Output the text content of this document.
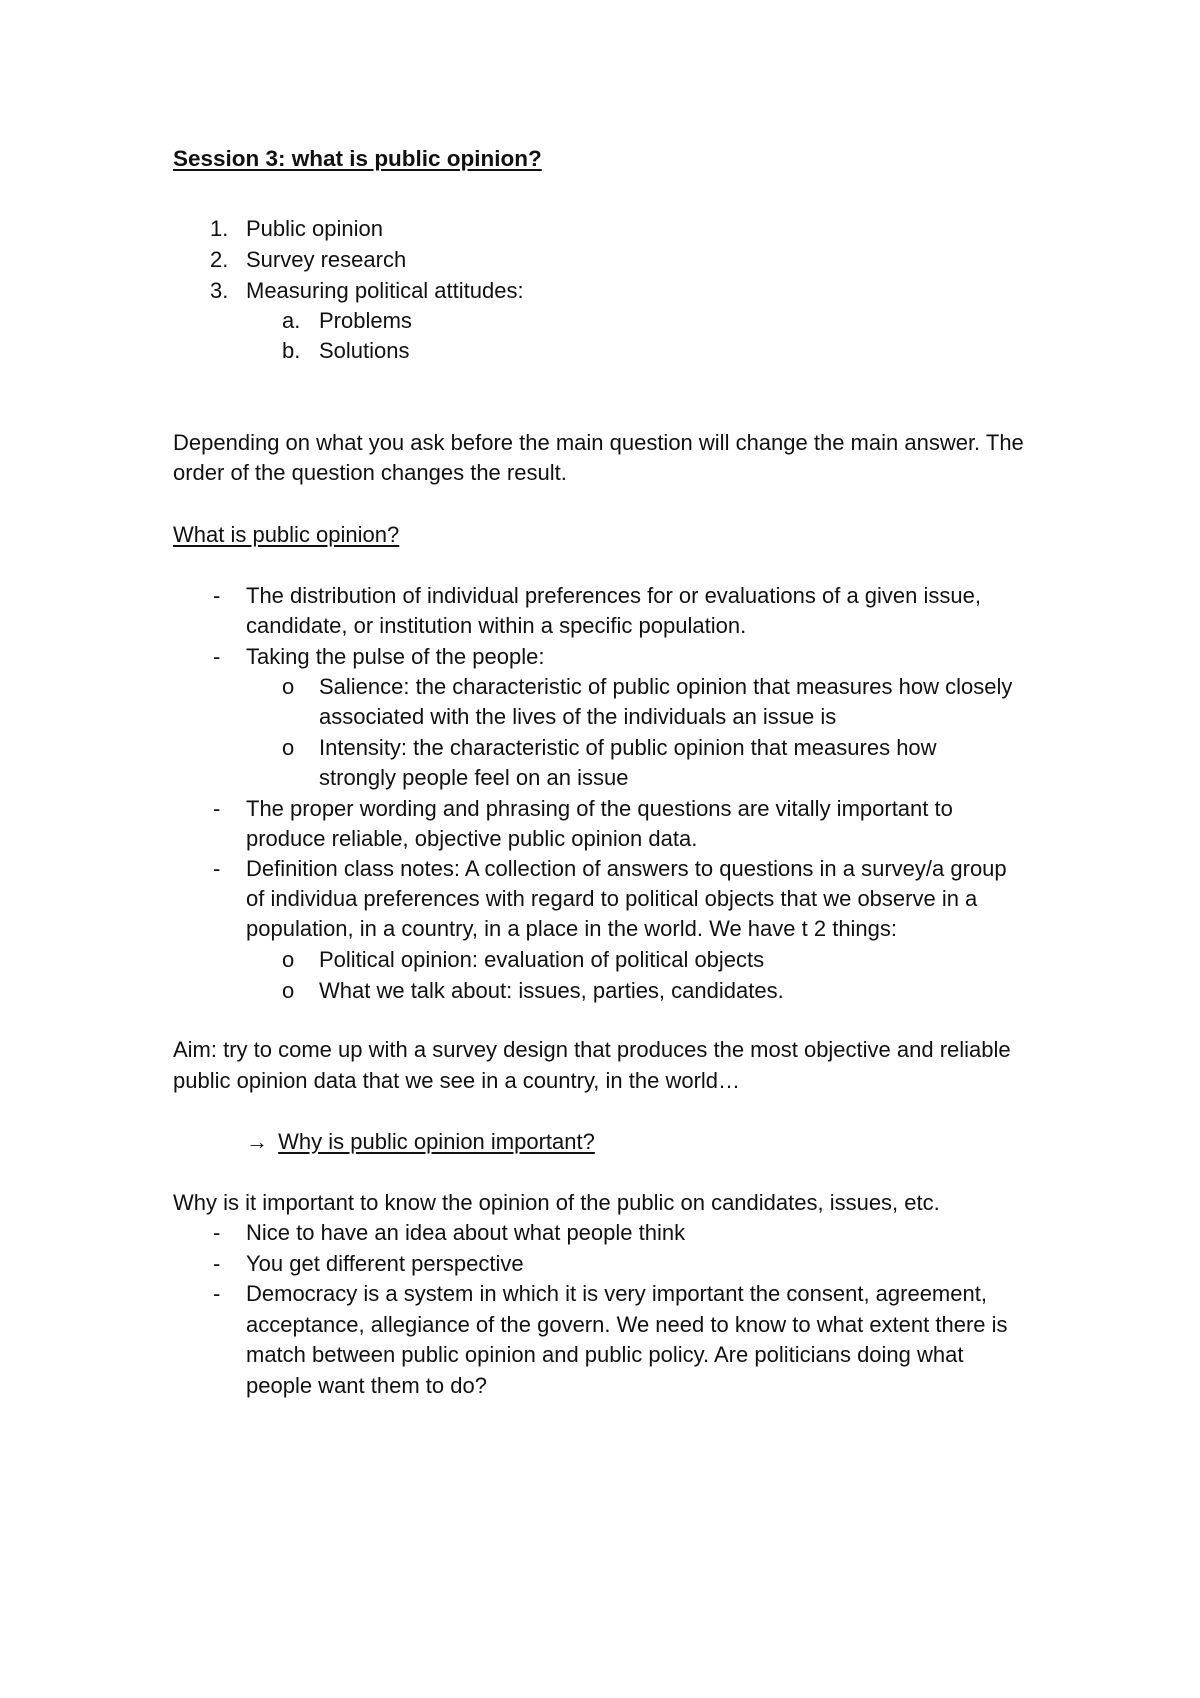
Session 3: what is public opinion?
1. Public opinion
2. Survey research
3. Measuring political attitudes:
a. Problems
b. Solutions
Depending on what you ask before the main question will change the main answer. The
order of the question changes the result.
What is public opinion?
- The distribution of individual preferences for or evaluations of a given issue,
candidate, or institution within a specific population.
- Taking the pulse of the people:
o Salience: the characteristic of public opinion that measures how closely
associated with the lives of the individuals an issue is
o Intensity: the characteristic of public opinion that measures how
strongly people feel on an issue
- The proper wording and phrasing of the questions are vitally important to
produce reliable, objective public opinion data.
- Definition class notes: A collection of answers to questions in a survey/a group
of individua preferences with regard to political objects that we observe in a
population, in a country, in a place in the world. We have t 2 things:
o Political opinion: evaluation of political objects
o What we talk about: issues, parties, candidates.
Aim: try to come up with a survey design that produces the most objective and reliable
public opinion data that we see in a country, in the world…
→ Why is public opinion important?
Why is it important to know the opinion of the public on candidates, issues, etc.
- Nice to have an idea about what people think
- You get different perspective
- Democracy is a system in which it is very important the consent, agreement,
acceptance, allegiance of the govern. We need to know to what extent there is
match between public opinion and public policy. Are politicians doing what
people want them to do?
